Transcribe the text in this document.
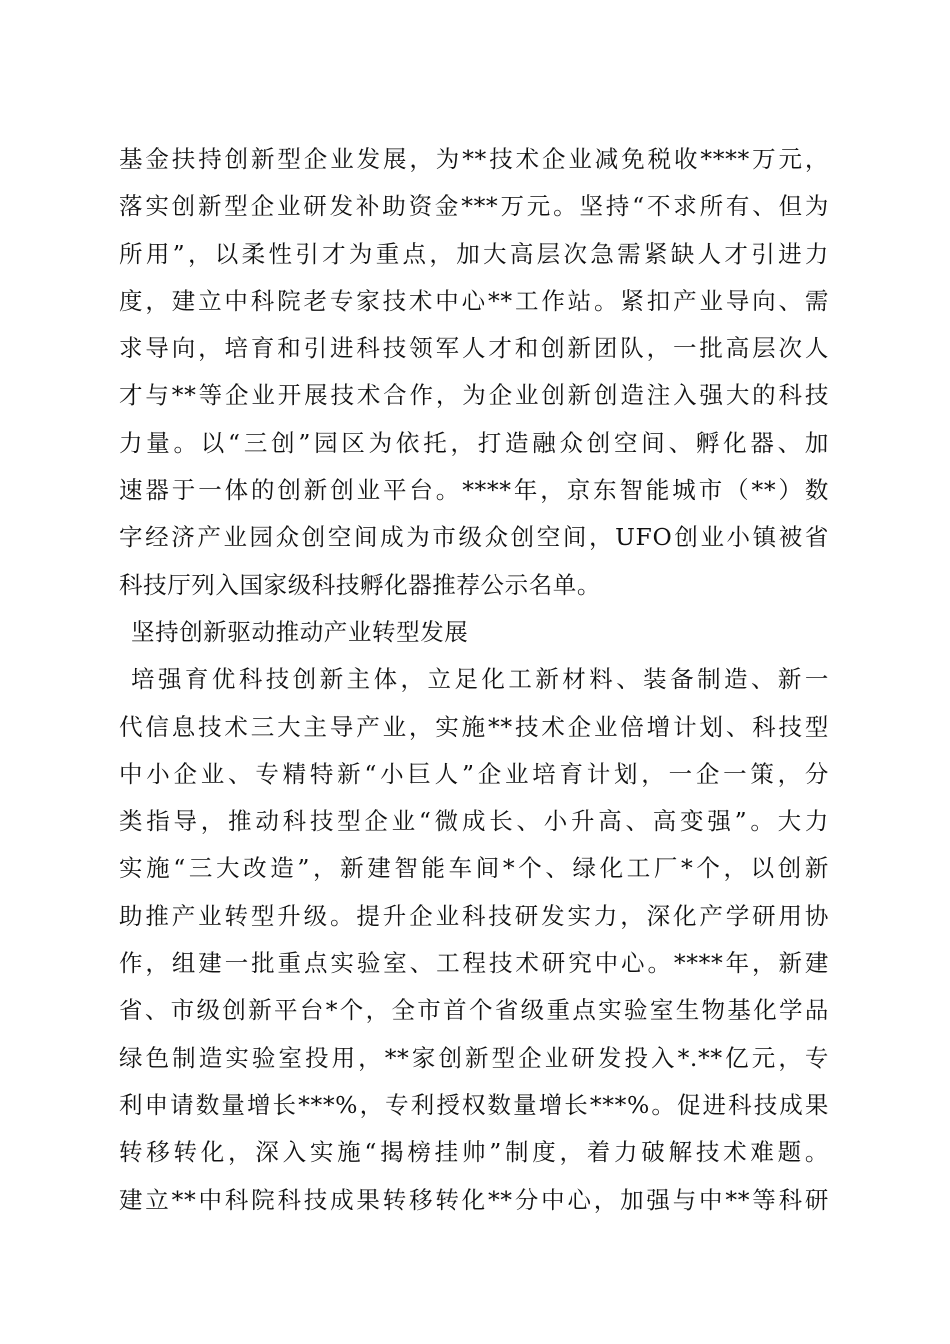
基金扶持创新型企业发展，为**技术企业减免税收****万元，
落实创新型企业研发补助资金***万元。坚持“不求所有、但为
所用”，以柔性引才为重点，加大高层次急需紧缺人才引进力
度，建立中科院老专家技术中心**工作站。紧扣产业导向、需
求导向，培育和引进科技领军人才和创新团队，一批高层次人
才与**等企业开展技术合作，为企业创新创造注入强大的科技
力量。以“三创”园区为依托，打造融众创空间、孵化器、加
速器于一体的创新创业平台。****年，京东智能城市（**）数
字经济产业园众创空间成为市级众创空间，UFO创业小镇被省
科技厅列入国家级科技孵化器推荐公示名单。
坚持创新驱动推动产业转型发展
培强育优科技创新主体，立足化工新材料、装备制造、新一
代信息技术三大主导产业，实施**技术企业倍增计划、科技型
中小企业、专精特新“小巨人”企业培育计划，一企一策，分
类指导，推动科技型企业“微成长、小升高、高变强”。大力
实施“三大改造”，新建智能车间*个、绿化工厂*个，以创新
助推产业转型升级。提升企业科技研发实力，深化产学研用协
作，组建一批重点实验室、工程技术研究中心。****年，新建
省、市级创新平台*个，全市首个省级重点实验室生物基化学品
绿色制造实验室投用，**家创新型企业研发投入*.**亿元，专
利申请数量增长***%，专利授权数量增长***%。促进科技成果
转移转化，深入实施“揭榜挂帅”制度，着力破解技术难题。
建立**中科院科技成果转移转化**分中心，加强与中**等科研
